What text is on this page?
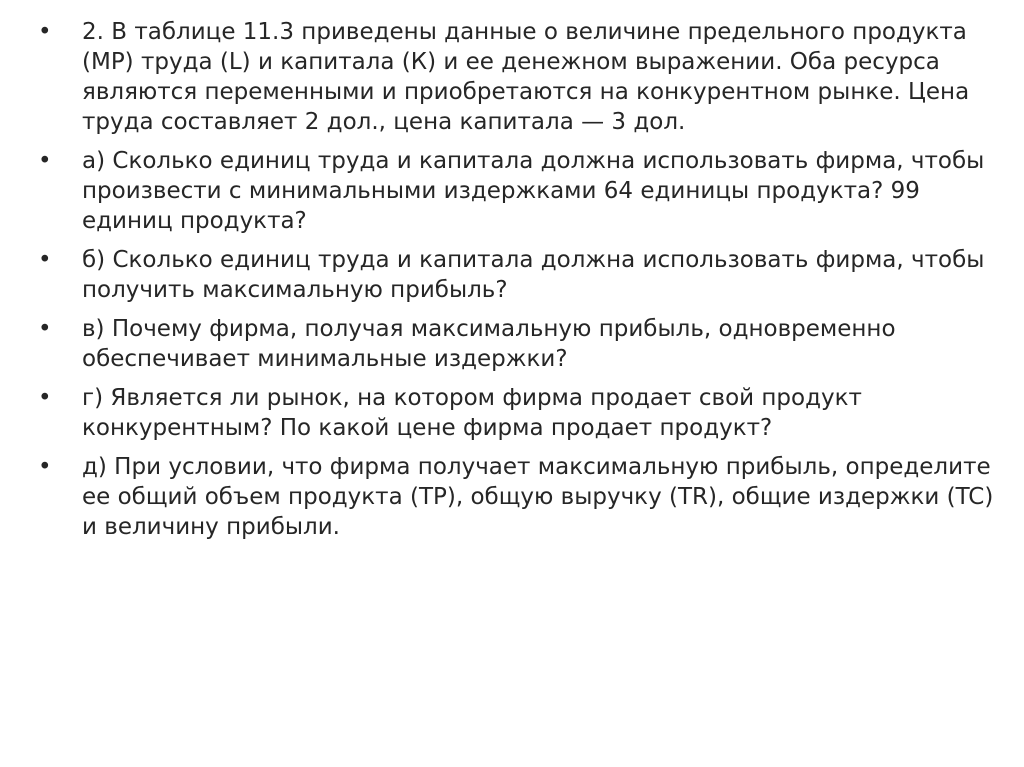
• 2. В таблице 11.3 приведены данные о величине предельного продукта (MP) труда (L) и капитала (К) и ее денежном выражении. Оба ресурса являются переменными и приобретаются на конкурентном рынке. Цена труда составляет 2 дол., цена капитала — 3 дол.
• а) Сколько единиц труда и капитала должна использовать фирма, чтобы произвести с минимальными издержками 64 единицы продукта? 99 единиц продукта?
• б) Сколько единиц труда и капитала должна использовать фирма, чтобы получить максимальную прибыль?
• в) Почему фирма, получая максимальную прибыль, одновременно обеспечивает минимальные издержки?
• г) Является ли рынок, на котором фирма продает свой продукт конкурентным? По какой цене фирма продает продукт?
• д) При условии, что фирма получает максимальную прибыль, определите ее общий объем продукта (TP), общую выручку (TR), общие издержки (TC) и величину прибыли.
